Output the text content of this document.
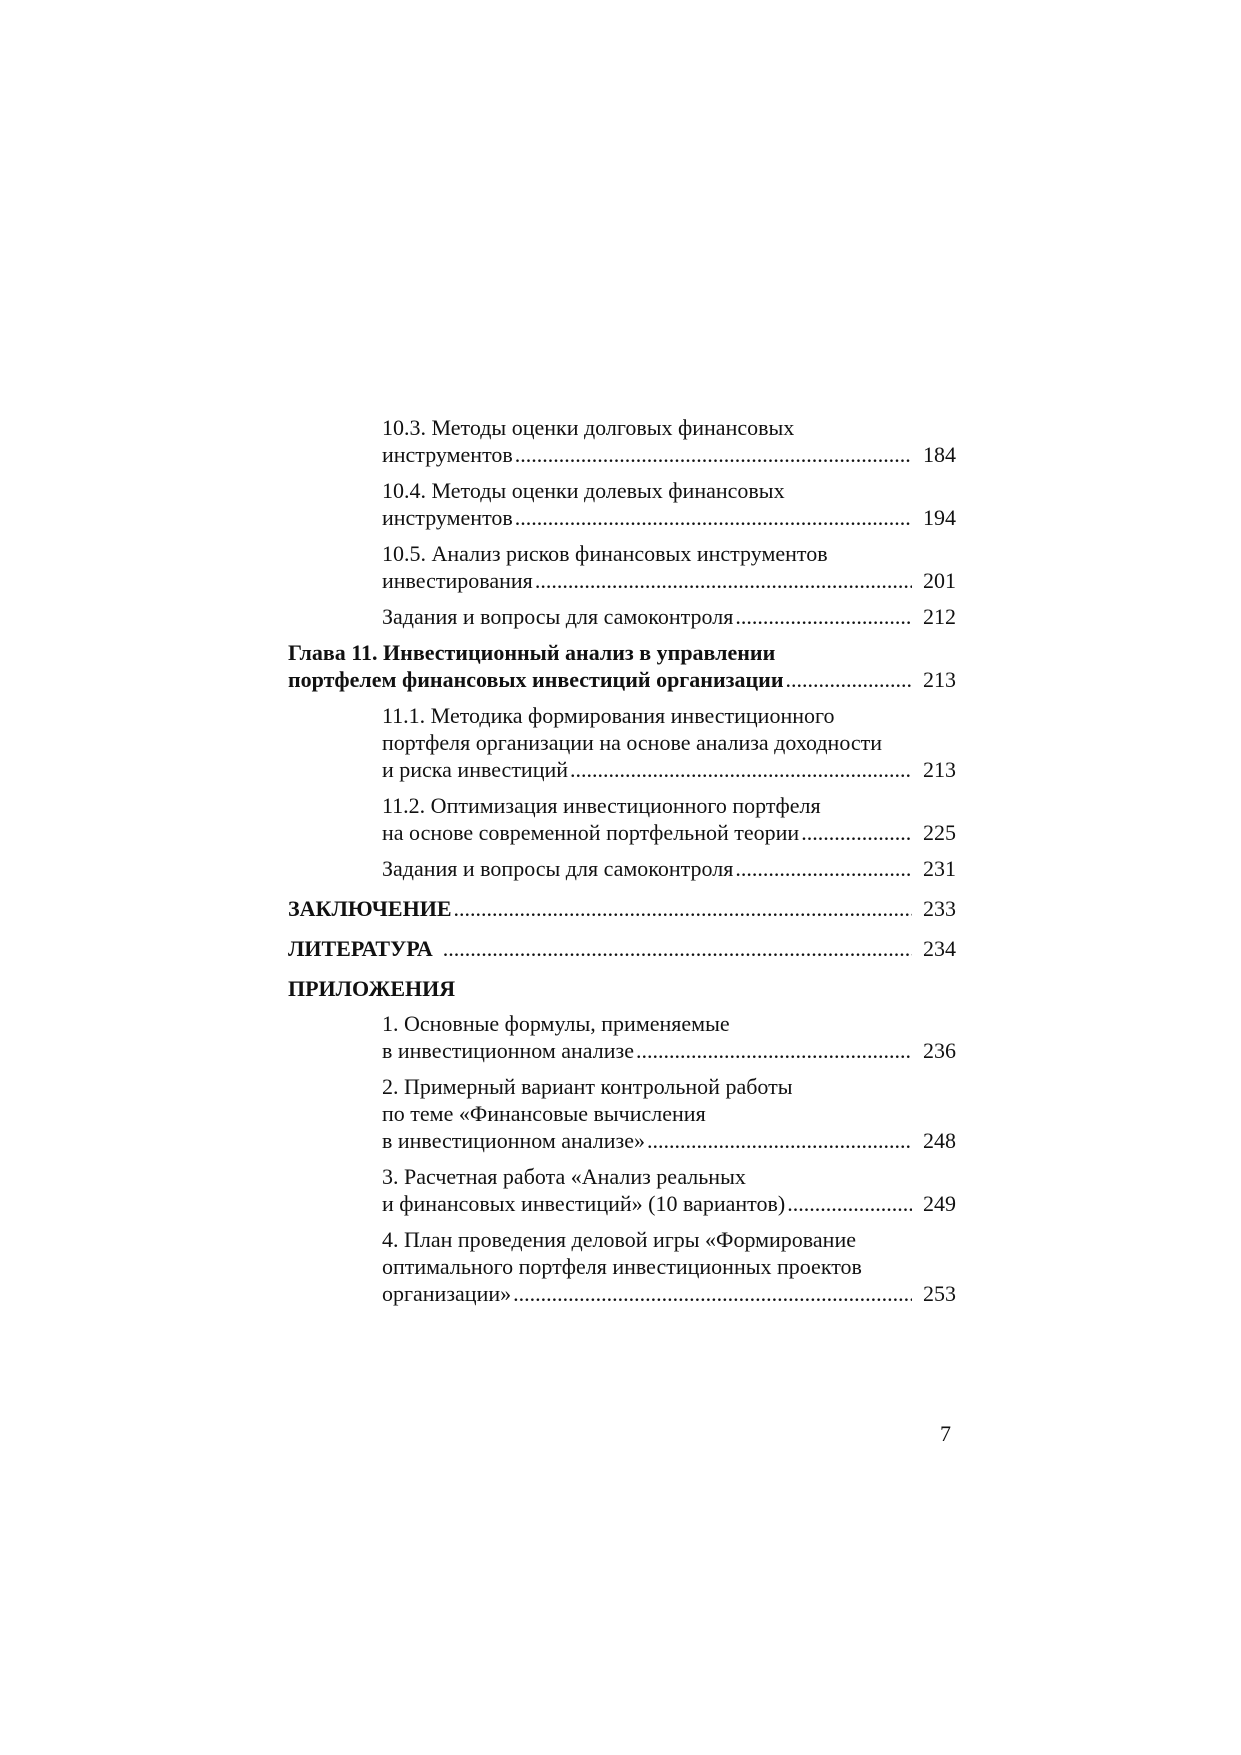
10.3. Методы оценки долговых финансовых
инструментов .....	184
10.4. Методы оценки долевых финансовых
инструментов .....	194
10.5. Анализ рисков финансовых инструментов
инвестирования .....	201
Задания и вопросы для самоконтроля .....	212
Глава 11. Инвестиционный анализ в управлении
портфелем финансовых инвестиций организации .....	213
11.1. Методика формирования инвестиционного
портфеля организации на основе анализа доходности
и риска инвестиций .....	213
11.2. Оптимизация инвестиционного портфеля
на основе современной портфельной теории .....	225
Задания и вопросы для самоконтроля .....	231
ЗАКЛЮЧЕНИЕ .....	233
ЛИТЕРАТУРА .....	234
ПРИЛОЖЕНИЯ
1. Основные формулы, применяемые
в инвестиционном анализе .....	236
2. Примерный вариант контрольной работы
по теме «Финансовые вычисления
в инвестиционном анализе» .....	248
3. Расчетная работа «Анализ реальных
и финансовых инвестиций» (10 вариантов) .....	249
4. План проведения деловой игры «Формирование
оптимального портфеля инвестиционных проектов
организации» .....	253
7
